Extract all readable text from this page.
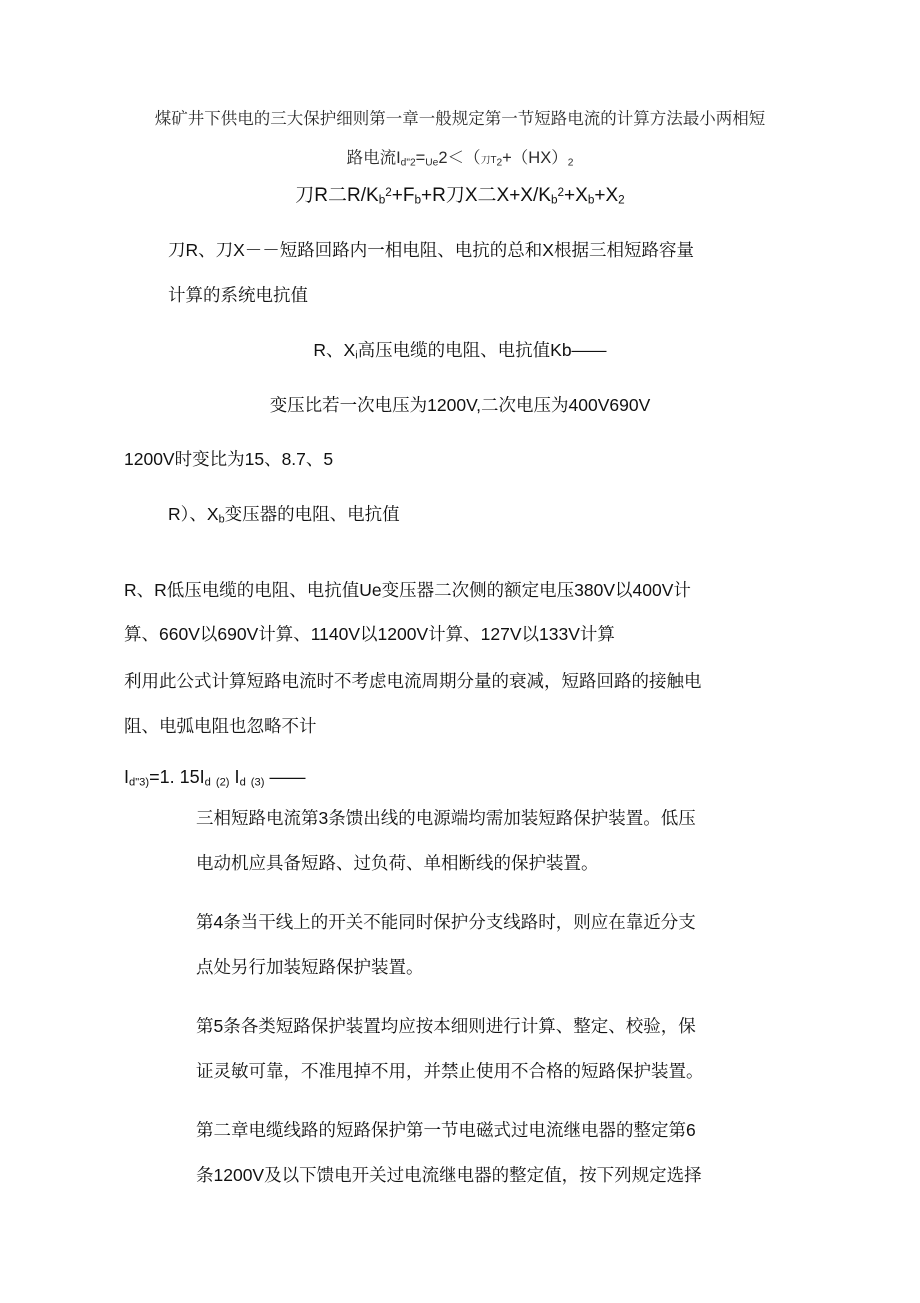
煤矿井下供电的三大保护细则第一章一般规定第一节短路电流的计算方法最小两相短
路电流$I_{d"2}=_{Ue}2<$（刀$T_2+(HX)_2$
刀R二$R/K_b^2+F_b+R$刀X二$X+X/K_b^2+X_b+X_2$
刀R、刀X－－短路回路内一相电阻、电抗的总和X根据三相短路容量
计算的系统电抗值
R、$X_i$高压电缆的电阻、电抗值Kb——
变压比若一次电压为1200V,二次电压为400V690V
1200V时变比为15、8.7、5
R）、$X_b$变压器的电阻、电抗值
R、R低压电缆的电阻、电抗值Ue变压器二次侧的额定电压380V以400V计
算、660V以690V计算、1140V以1200V计算、127V以133V计算
利用此公式计算短路电流时不考虑电流周期分量的衰减，短路回路的接触电
阻、电弧电阻也忽略不计
$I_{d"3)}=1$. $15I_d$ $_{(2)}$ $I_d$ $_{(3)}$ ——
三相短路电流第3条馈出线的电源端均需加装短路保护装置。低压
电动机应具备短路、过负荷、单相断线的保护装置。
第4条当干线上的开关不能同时保护分支线路时，则应在靠近分支
点处另行加装短路保护装置。
第5条各类短路保护装置均应按本细则进行计算、整定、校验，保
证灵敏可靠，不准甩掉不用，并禁止使用不合格的短路保护装置。
第二章电缆线路的短路保护第一节电磁式过电流继电器的整定第6
条1200V及以下馈电开关过电流继电器的整定值，按下列规定选择
